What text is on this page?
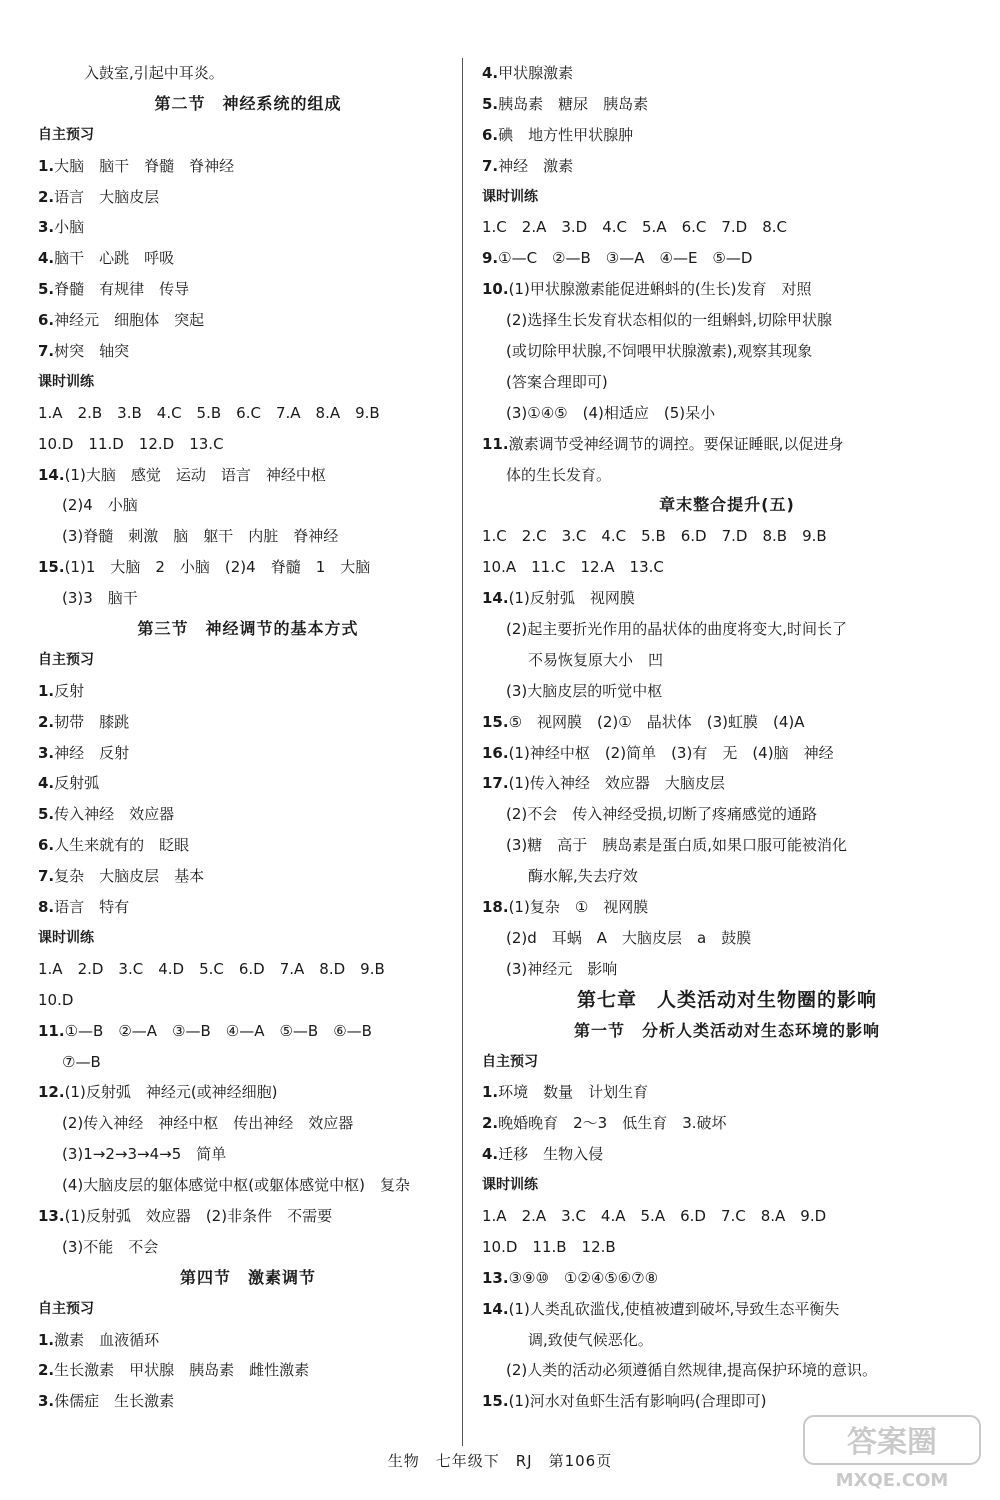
入鼓室,引起中耳炎。
第二节　神经系统的组成
自主预习
1.大脑　脑干　脊髓　脊神经
2.语言　大脑皮层
3.小脑
4.脑干　心跳　呼吸
5.脊髓　有规律　传导
6.神经元　细胞体　突起
7.树突　轴突
课时训练
1.A　2.B　3.B　4.C　5.B　6.C　7.A　8.A　9.B
10.D　11.D　12.D　13.C
14.(1)大脑　感觉　运动　语言　神经中枢
(2)4　小脑
(3)脊髓　刺激　脑　躯干　内脏　脊神经
15.(1)1　大脑　2　小脑　(2)4　脊髓　1　大脑
(3)3　脑干
第三节　神经调节的基本方式
自主预习
1.反射
2.韧带　膝跳
3.神经　反射
4.反射弧
5.传入神经　效应器
6.人生来就有的　眨眼
7.复杂　大脑皮层　基本
8.语言　特有
课时训练
1.A　2.D　3.C　4.D　5.C　6.D　7.A　8.D　9.B
10.D
11.①—B　②—A　③—B　④—A　⑤—B　⑥—B
⑦—B
12.(1)反射弧　神经元(或神经细胞)
(2)传入神经　神经中枢　传出神经　效应器
(3)1→2→3→4→5　简单
(4)大脑皮层的躯体感觉中枢(或躯体感觉中枢)　复杂
13.(1)反射弧　效应器　(2)非条件　不需要
(3)不能　不会
第四节　激素调节
自主预习
1.激素　血液循环
2.生长激素　甲状腺　胰岛素　雌性激素
3.侏儒症　生长激素
4.甲状腺激素
5.胰岛素　糖尿　胰岛素
6.碘　地方性甲状腺肿
7.神经　激素
课时训练
1.C　2.A　3.D　4.C　5.A　6.C　7.D　8.C
9.①—C　②—B　③—A　④—E　⑤—D
10.(1)甲状腺激素能促进蝌蚪的(生长)发育　对照
(2)选择生长发育状态相似的一组蝌蚪,切除甲状腺
(或切除甲状腺,不饲喂甲状腺激素),观察其现象
(答案合理即可)
(3)①④⑤　(4)相适应　(5)呆小
11.激素调节受神经调节的调控。要保证睡眠,以促进身
体的生长发育。
章末整合提升(五)
1.C　2.C　3.C　4.C　5.B　6.D　7.D　8.B　9.B
10.A　11.C　12.A　13.C
14.(1)反射弧　视网膜
(2)起主要折光作用的晶状体的曲度将变大,时间长了
不易恢复原大小　凹
(3)大脑皮层的听觉中枢
15.⑤　视网膜　(2)①　晶状体　(3)虹膜　(4)A
16.(1)神经中枢　(2)简单　(3)有　无　(4)脑　神经
17.(1)传入神经　效应器　大脑皮层
(2)不会　传入神经受损,切断了疼痛感觉的通路
(3)糖　高于　胰岛素是蛋白质,如果口服可能被消化
酶水解,失去疗效
18.(1)复杂　①　视网膜
(2)d　耳蜗　A　大脑皮层　a　鼓膜
(3)神经元　影响
第七章　人类活动对生物圈的影响
第一节　分析人类活动对生态环境的影响
自主预习
1.环境　数量　计划生育
2.晚婚晚育　2～3　低生育　3.破坏
4.迁移　生物入侵
课时训练
1.A　2.A　3.C　4.A　5.A　6.D　7.C　8.A　9.D
10.D　11.B　12.B
13.③⑨⑩　①②④⑤⑥⑦⑧
14.(1)人类乱砍滥伐,使植被遭到破坏,导致生态平衡失
调,致使气候恶化。
(2)人类的活动必须遵循自然规律,提高保护环境的意识。
15.(1)河水对鱼虾生活有影响吗(合理即可)
生物　七年级下　RJ　第106页
答案圈
MXQE.COM
